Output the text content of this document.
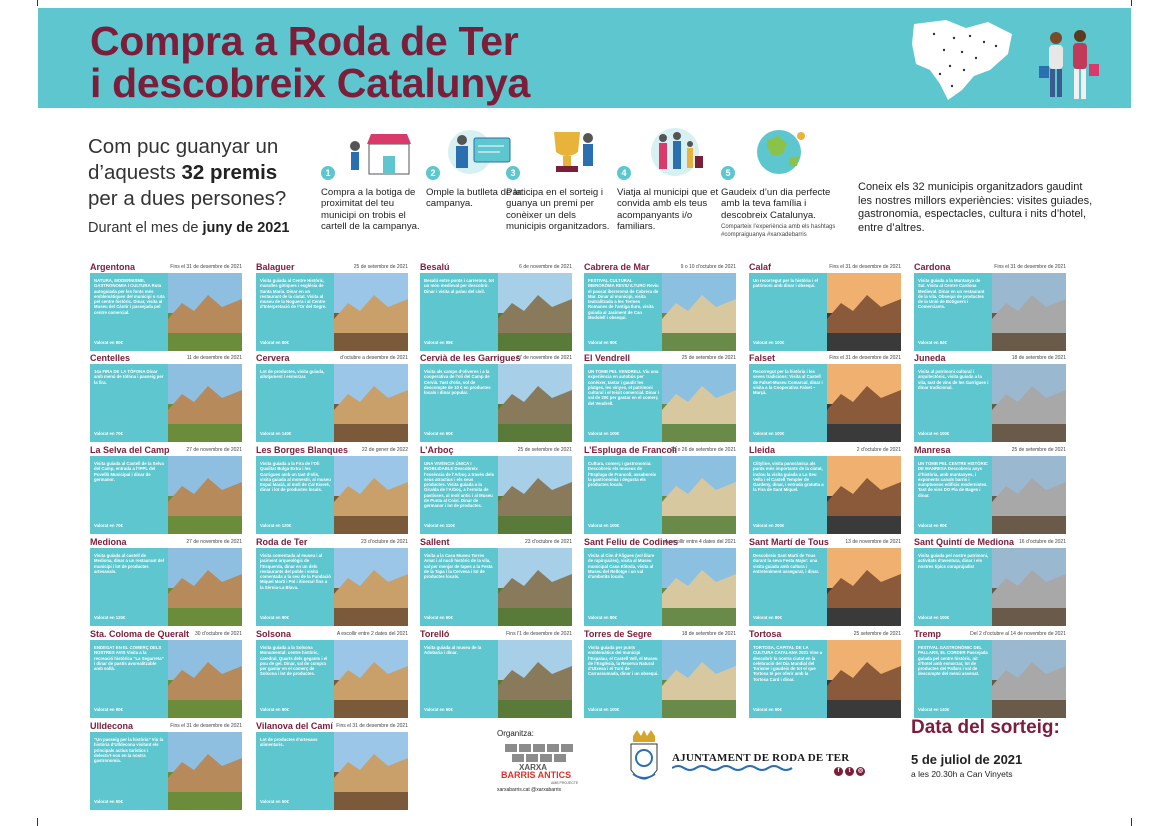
Compra a Roda de Ter
i descobreix Catalunya
Com puc guanyar un d’aquests 32 premis per a dues persones?
Durant el mes de juny de 2021
1
Compra a la botiga de proximitat del teu municipi on trobis el cartell de la campanya.
2
Omple la butlleta de la campanya.
3
Participa en el sorteig i guanya un premi per conèixer un dels municipis organitzadors.
4
Viatja al municipi que et convida amb els teus acompanyants i/o familiars.
5
Gaudeix d’un dia perfecte amb la teva família i descobreix Catalunya.
Comparteix l’experiència amb els hashtags #compraiguanya #xarxadebarris
Coneix els 32 municipis organitzadors gaudint les nostres millors experiències: visites guiades, gastronomia, espectacles, cultura i nits d’hotel, entre d’altres.
Argentona	Fins el 31 de desembre de 2021
NATURA, MODERNISME, GASTRONOMIA I CULTURA Ruta autoguiada per les fonts més emblemàtiques del municipi o ruta pel centre històric. Dinar, visita al Museu del Càntir i passejada pel centre comercial.
Valorat en 90€
Balaguer	25 de setembre de 2021
Visita guiada al Centre Històric, muralles gòtiques i església de Santa Maria. Dinar en un restaurant de la ciutat. Visita al museu de la Noguera i al Centre d’Interpretació de l’Or del Segre.
Valorat en 80€
Besalú	6 de novembre de 2021
Besalú entre ponts i carrerons, tot un món medieval per descobrir. Dinar i visita al palau del civil.
Valorat en 98€
Cabrera de Mar	9 o 10 d’octubre de 2021
FESTIVAL CULTURAL IBERORÒMA REVIU ILTURO Reviu el passat ibereromà de Cabrera de Mar. Dinar al municipi, visita teatralitzada a les Termes Romanes de l’antiga Iluro, visita guiada al Jaciment de Can Modolell i obsequi.
Valorat en 90€
Calaf	Fins el 31 de desembre de 2021
Un recorregut per la història i el patrimoni amb dinar i obsequi.
Valorat en 100€
Cardona	Fins el 31 de desembre de 2021
Visita guiada a la Muntanya de Sal. Visita al Centre Cardona Medieval. Dinar en un restaurant de la vila. Obsequi de productes de la Unió de Botiguers i Comerciants.
Valorat en 84€
Centelles	11 de desembre de 2021
14a FIRA DE LA TÒFONA Dinar amb menú de tòfona i passeig per la fira.
Valorat en 70€
Cervera	d’octubre a desembre de 2021
Lot de productes, visita guiada, allotjament i esmorzar.
Valorat en 140€
Cervià de les Garrigues
27 de novembre de 2021
Visita als camps d’oliveres i a la cooperativa de l’oli del Camp de Cervià. Tast d’olis, vol de descompte de 10 € en productes locals i dinar popular.
Valorat en 60€
El Vendrell	25 de setembre de 2021
UN TOMB PEL VENDRELL Viu una experiència en autobús per conèixer, tastar i gaudir les platges, les vinyes, el patrimoni cultural i el teixit comercial. Dinar i val de 20€ per gastar en el comerç del Vendrell.
Valorat en 100€
Falset	Fins el 31 de desembre de 2021
Recorregut per la història i les seves tradicions: Visita al Castell de Falset-Museu Comarcal, dinar i visita a la Cooperativa Falset – Marçà.
Valorat en 100€
Juneda	18 de setembre de 2021
Visita al patrimoni cultural i arquitectònic, visita guiada a la vila, tast de vins de les Garrigues i dinar tradicional.
Valorat en 100€
La Selva del Camp	27 de novembre de 2021
Visita guiada al Castell de la Selva del Camp, entrada a l’IPPL del Puvellò Municipal i dinar de germanor.
Valorat en 70€
Les Borges Blanques	22 de gener de 2022
Visita guiada a la Fira de l’Oli Qualitat Bulga Extra i les Garrigues amb un tast d’olis, visita guiada al monestir, al museu Espai Macià, al molí de Cal Eixeré, dinar i lot de productes locals.
Valorat en 120€
L’Arboç	25 de setembre de 2021
UNA VIVÈNCIA ÚNICA I INOBLIDABLE Descobreix l’essència de l’Arboç a través dels seus atractius i els seus productes. Visita guiada a la Giralda de l’Arboç, a l’ermita de pastisses, al molí antic i al Museu de Punta al Coixí. Dinar de germanor i lot de productes.
Valorat en 110€
L’Espluga de Francolí
25 o 26 de setembre de 2021
Cultura, comerç i gastronomia: Descobreix els museus de l’Espluga de Francolí, assaboreix la gastronomia i degusta els productes locals.
Valorat en 100€
Lleida	2 d’octubre de 2021
Ciltyline, visita panoràmica als punts més importants de la ciutat, inclou la visita guiada a La Seu Vella i el Castell Templer de Gardeny, dinar, i entrada gratuïta a la Fira de Sant Miquel.
Valorat en 200€
Manresa	25 de setembre de 2021
UN TOMB PEL CENTRE HISTÒRIC DE MANRESA Descobreix anys d’història, amb muntanyes, i exponents canals barris i sumptuosos edificis modernistes. Tast de vins DO Pla de Bages i dinar.
Valorat en 90€
Mediona	27 de novembre de 2021
Visita guiada al castell de Mediona, dinar a un restaurant del municipi i lot de productes artesanals.
Valorat en 120€
Roda de Ter	23 d’octubre de 2021
Visita comentada al museu i al jaciment arqueològic de l’Esquerda, dinar en un dels restaurants del poble i visita comentada a la seu de la Fundació Miquel Martí i Pol i itinerari fins a la Sèrnia-La Blava.
Valorat en 90€
Sallent	23 d’octubre de 2021
Visita a la Casa Museu Torres Amat i al nucli històric de la vila, val per menjar de tapes a la Festa de la Tapa i la Cervesa i lot de productes locals.
Valorat en 60€
Sant Feliu de Codines
A escollir entre 4 dates del 2021
Visita al Cim d’Àligues (vol lliure de rapinyaires), visita al Museu municipal Casa Elitoda, visita al Museu del Rellotge i un val d’ambotits locals.
Valorat en 80€
Sant Martí de Tous	13 de novembre de 2021
Descobreix Sant Martí de Tous durant la seva Festa Major: una visita guiada amb cultura i entreteniment assegurat, i dinar.
Valorat en 80€
Sant Quintí de Mediona 16 d’octubre de 2021
Visita guiada pel nostre patrimoni, activitats d’aventura, dinar i els nostres típics coraprujadis!
Valorat en 100€
Sta. Coloma de Queralt 30 d’octubre de 2021
ENDEGAT EN EL COMERÇ DELS NOSTRES AVIS Visita a la recreació històrica “La Segarreta” i dinar de pastís avorealitzable amb sollà.
Valorat en 90€
Solsona	A escollir entre 2 dates del 2021
Visita guiada a la Solsona Monumental: centre històric, catedral, Quarts dels gegants i el pou de gel. Dinar, val de compra per gastar en el comerç de Solsona i lot de productes.
Valorat en 90€
Torelló	Fins l’1 de desembre de 2021
Visita guiada al museu de la Adobaria i dinar.
Valorat en 60€
Torres de Segre	18 de setembre de 2021
Visita guiada per punts emblemàtics del municipi l’Espalau, el Castell Vell, el Museu de l’Església, la Reserva Natural d’Utxesa i el Turó de Carrassumada, dinar i un obsequi.
Valorat en 100€
Tortosa	25 setembre de 2021
TORTOSA, CAPITAL DE LA CULTURA CATALANA 2021 Vine a descobrir la nostra ciutat en la celebració del Dia Mundial del Turisme i gaudeix de tot el que Tortosa té per oferir amb la Tortosa Card i dinar.
Valorat en 90€
Tremp	Del 2 d’octubre al 14 de novembre de 2021
FESTIVAL GASTRONÒMIC DEL PALLARS, EL CORDER Passejada guiada pel centre històric, nit d’hotel amb esmorzar, lot de productes del Pallars i val de descompte del menú assenat.
Valorat en 140€
Ulldecona	Fins el 31 de desembre de 2021
“Un passeig per la història” Viu la història d’Ulldecona visitant els principals actius turístics i delecta’t-vos en la nostra gastronomia.
Valorat en 50€
Vilanova del Camí Fins el 31 de desembre de 2021
Lot de productes d’artesans alimentaris.
Valorat en 50€
Organitza:
XARXA
BARRIS ANTICS
AMB PROJECTE
xarxabarris.cat @xarxabarris
AJUNTAMENT DE RODA DE TER
f	t	◎
Data del sorteig:
5 de juliol de 2021
a les 20.30h a Can Vinyets
